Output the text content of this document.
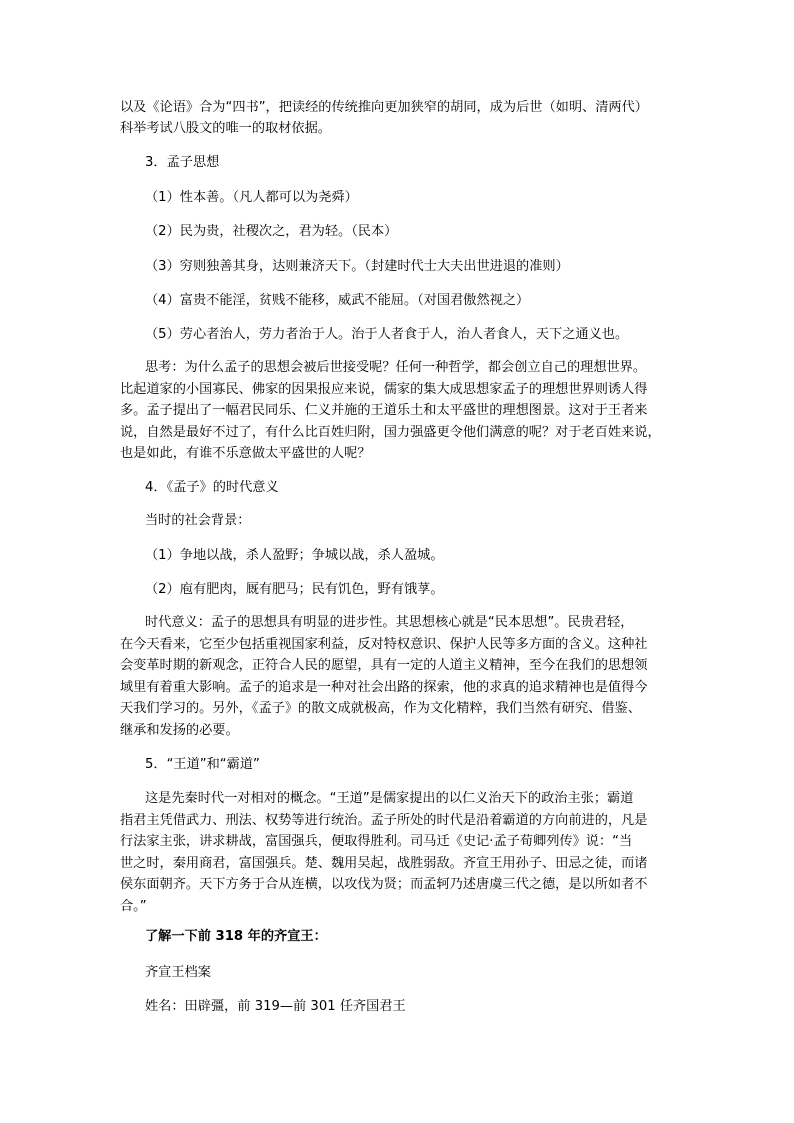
以及《论语》合为“四书”，把读经的传统推向更加狭窄的胡同，成为后世（如明、清两代）
科举考试八股文的唯一的取材依据。
3．孟子思想
（1）性本善。（凡人都可以为尧舜）
（2）民为贵，社稷次之，君为轻。（民本）
（3）穷则独善其身，达则兼济天下。（封建时代士大夫出世进退的准则）
（4）富贵不能淫，贫贱不能移，威武不能屈。（对国君傲然视之）
（5）劳心者治人，劳力者治于人。治于人者食于人，治人者食人，天下之通义也。
思考：为什么孟子的思想会被后世接受呢？任何一种哲学，都会创立自己的理想世界。
比起道家的小国寡民、佛家的因果报应来说，儒家的集大成思想家孟子的理想世界则诱人得
多。孟子提出了一幅君民同乐、仁义并施的王道乐土和太平盛世的理想图景。这对于王者来
说，自然是最好不过了，有什么比百姓归附，国力强盛更令他们满意的呢？对于老百姓来说，
也是如此，有谁不乐意做太平盛世的人呢？
4．《孟子》的时代意义
当时的社会背景：
（1）争地以战，杀人盈野；争城以战，杀人盈城。
（2）庖有肥肉，厩有肥马；民有饥色，野有饿莩。
时代意义：孟子的思想具有明显的进步性。其思想核心就是“民本思想”。民贵君轻，
在今天看来，它至少包括重视国家利益，反对特权意识、保护人民等多方面的含义。这种社
会变革时期的新观念，正符合人民的愿望，具有一定的人道主义精神，至今在我们的思想领
域里有着重大影响。孟子的追求是一种对社会出路的探索，他的求真的追求精神也是值得今
天我们学习的。另外，《孟子》的散文成就极高，作为文化精粹，我们当然有研究、借鉴、
继承和发扬的必要。
5．“王道”和“霸道”
这是先秦时代一对相对的概念。“王道”是儒家提出的以仁义治天下的政治主张；霸道
指君主凭借武力、刑法、权势等进行统治。孟子所处的时代是沿着霸道的方向前进的，凡是
行法家主张，讲求耕战，富国强兵，便取得胜利。司马迁《史记·孟子荀卿列传》说：“当
世之时，秦用商君，富国强兵。楚、魏用吴起，战胜弱敌。齐宣王用孙子、田忌之徒，而诸
侯东面朝齐。天下方务于合从连横，以攻伐为贤；而孟轲乃述唐虞三代之德，是以所如者不
合。”
了解一下前 318 年的齐宣王：
齐宣王档案
姓名：田辟彊，前 319—前 301 任齐国君王
